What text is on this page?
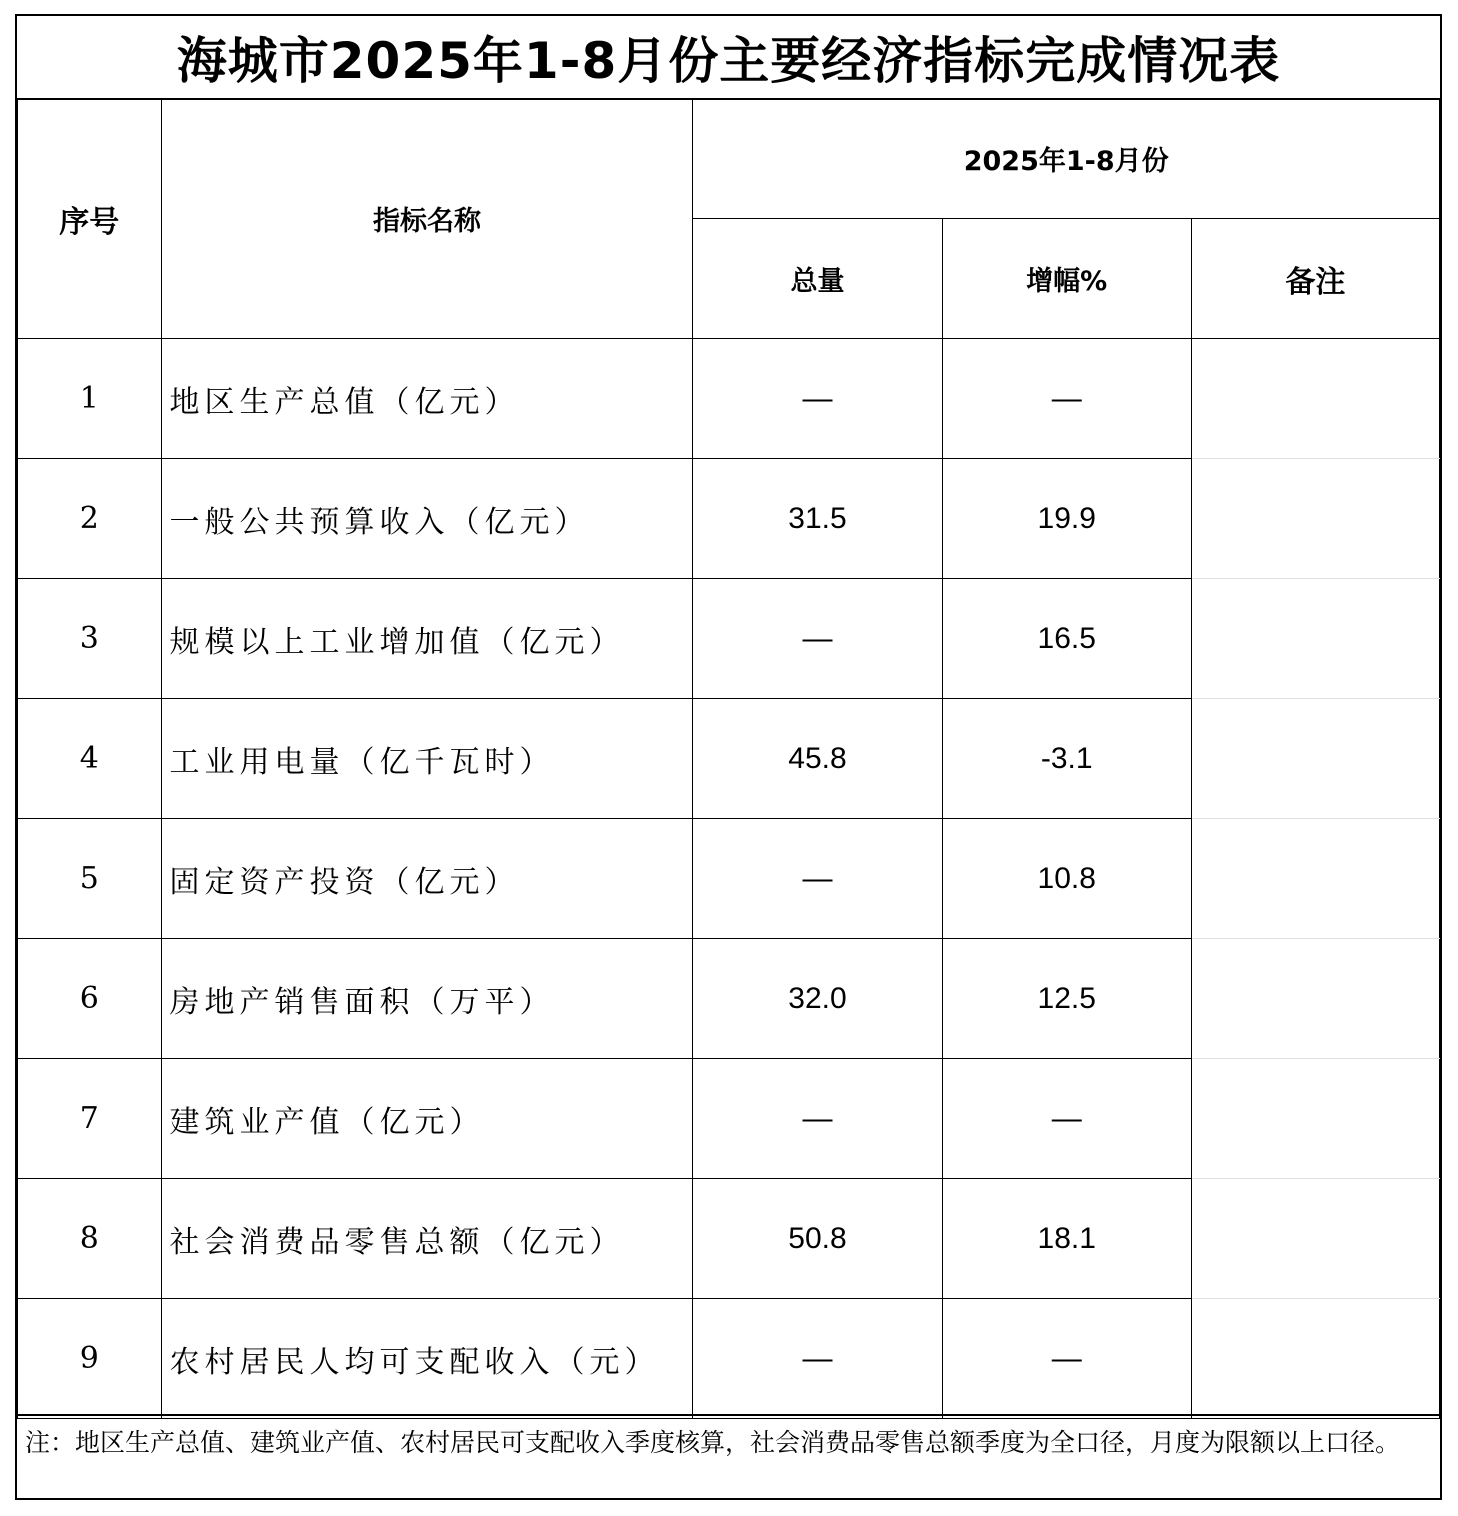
海城市2025年1-8月份主要经济指标完成情况表
序号	指标名称	2025年1-8月份		
		总量	增幅%	备注
1	地区生产总值（亿元）	—	—	
2	一般公共预算收入（亿元）	31.5	19.9	
3	规模以上工业增加值（亿元）	—	16.5	
4	工业用电量（亿千瓦时）	45.8	-3.1	
5	固定资产投资（亿元）	—	10.8	
6	房地产销售面积（万平）	32.0	12.5	
7	建筑业产值（亿元）	—	—	
8	社会消费品零售总额（亿元）	50.8	18.1	
9	农村居民人均可支配收入（元）	—	—	
注：地区生产总值、建筑业产值、农村居民可支配收入季度核算，社会消费品零售总额季度为全口径，月度为限额以上口径。
